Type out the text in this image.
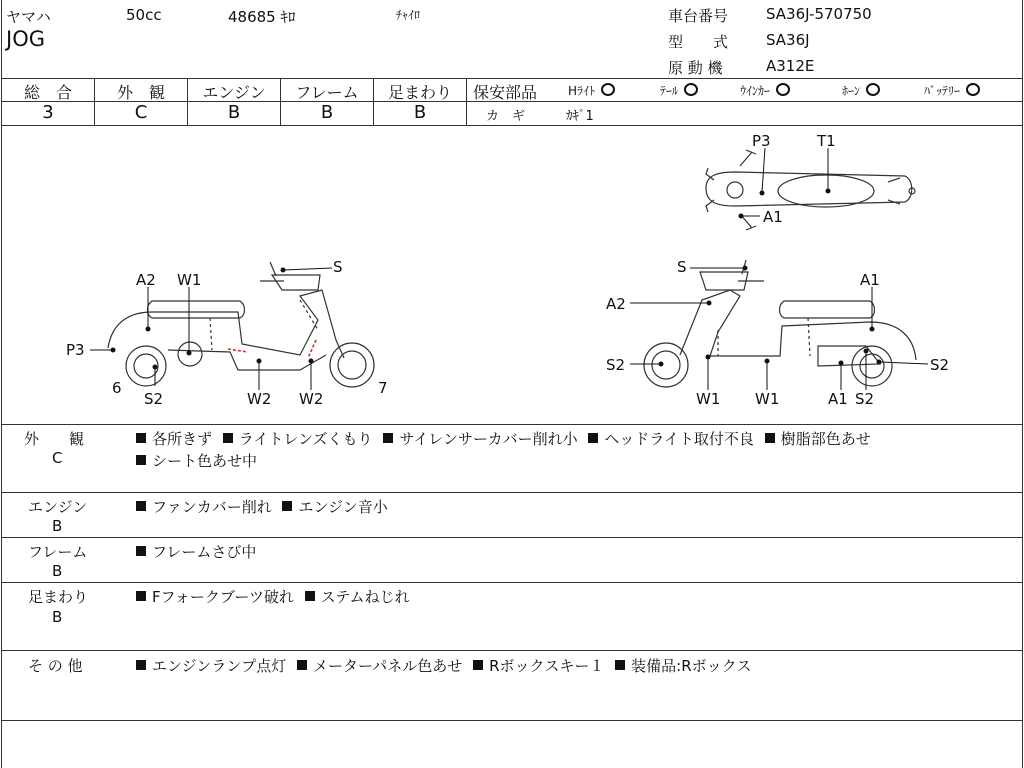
ヤマハ	50cc	48685 ｷﾛ	ﾁｬｲﾛ
JOG
車台番号	SA36J-570750
型　　式	SA36J
原 動 機	A312E
総　合
3
外　観
C
エンジン
B
フレーム
B
足まわり
B
保安部品	Hﾗｲﾄ	ﾃｰﾙ	ｳｲﾝｶｰ	ﾎｰﾝ	ﾊﾞｯﾃﾘｰ
カ　ギ	ｶｷﾞ1
P3	T1
A1
A2 W1
S
P3
6
S2	W2 W2
7
S
A1
A2
S2	S2
W1 W1	A1 S2
外　　観
C
各所きず ライトレンズくもり サイレンサーカバー削れ小 ヘッドライト取付不良 樹脂部色あせ
シート色あせ中
エンジン
B
ファンカバー削れ エンジン音小
フレーム
B
フレームさび中
足まわり
B
Fフォークブーツ破れ ステムねじれ
そ の 他	エンジンランプ点灯 メーターパネル色あせ Rボックスキー１ 装備品:Rボックス
